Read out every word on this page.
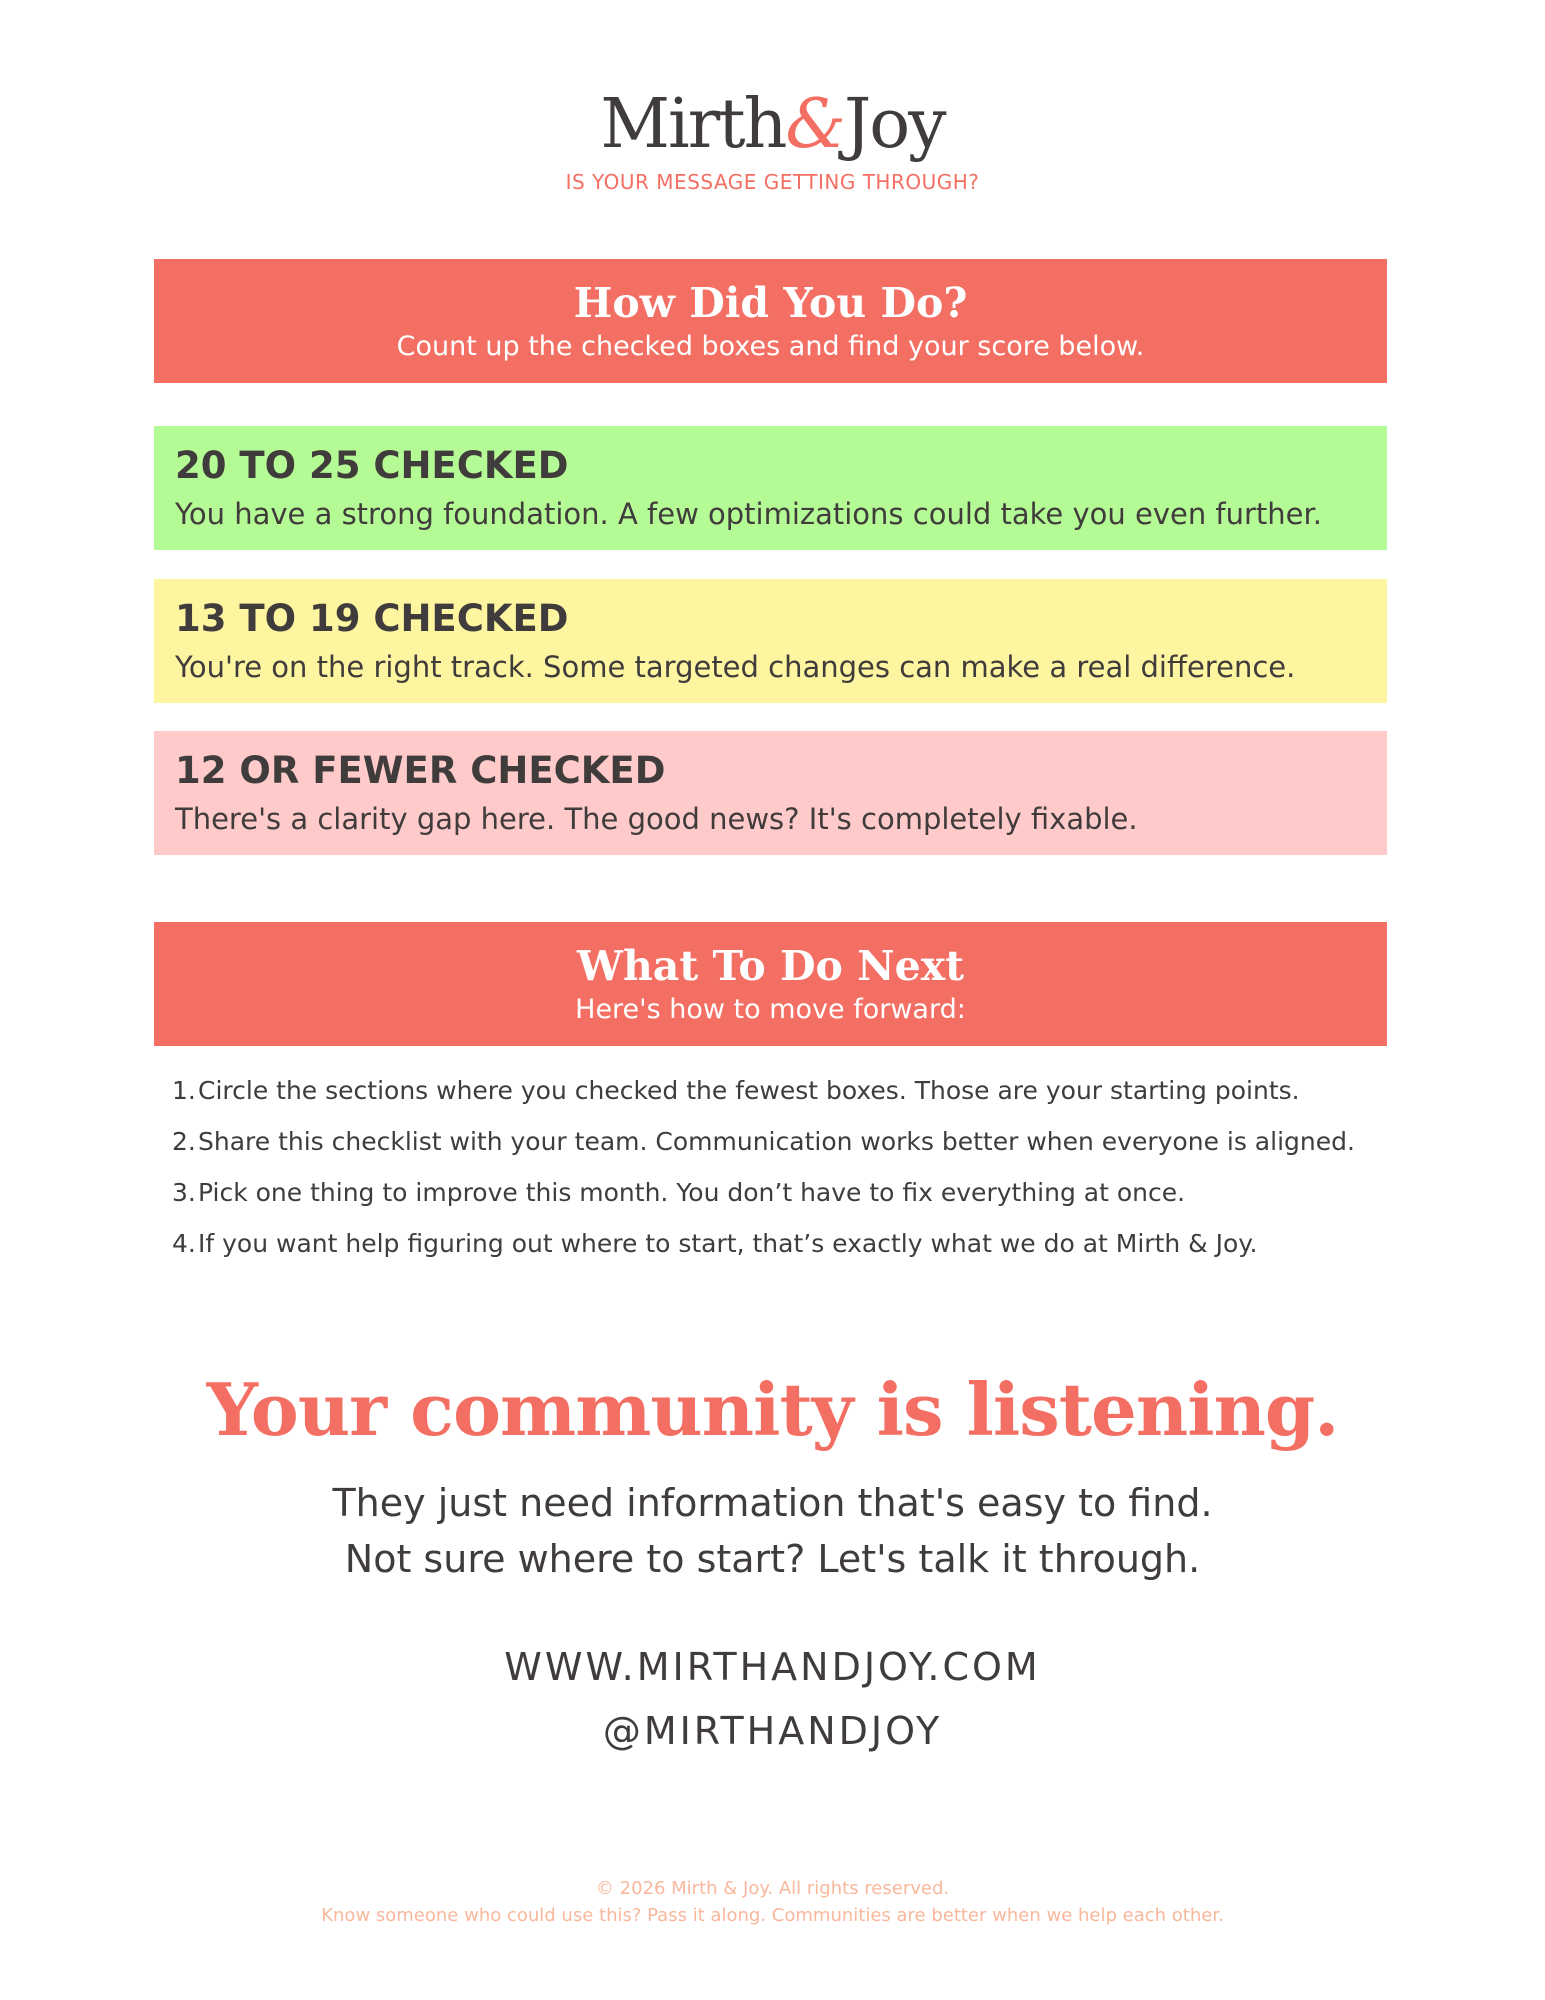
Mirth&Joy
IS YOUR MESSAGE GETTING THROUGH?
How Did You Do?
Count up the checked boxes and find your score below.
20 TO 25 CHECKED
You have a strong foundation. A few optimizations could take you even further.
13 TO 19 CHECKED
You're on the right track. Some targeted changes can make a real difference.
12 OR FEWER CHECKED
There's a clarity gap here. The good news? It's completely fixable.
What To Do Next
Here's how to move forward:
1.Circle the sections where you checked the fewest boxes. Those are your starting points.
2.Share this checklist with your team. Communication works better when everyone is aligned.
3.Pick one thing to improve this month. You don’t have to fix everything at once.
4.If you want help figuring out where to start, that’s exactly what we do at Mirth & Joy.
Your community is listening.
They just need information that's easy to find.
Not sure where to start? Let's talk it through.
WWW.MIRTHANDJOY.COM
@MIRTHANDJOY
© 2026 Mirth & Joy. All rights reserved.
Know someone who could use this? Pass it along. Communities are better when we help each other.
